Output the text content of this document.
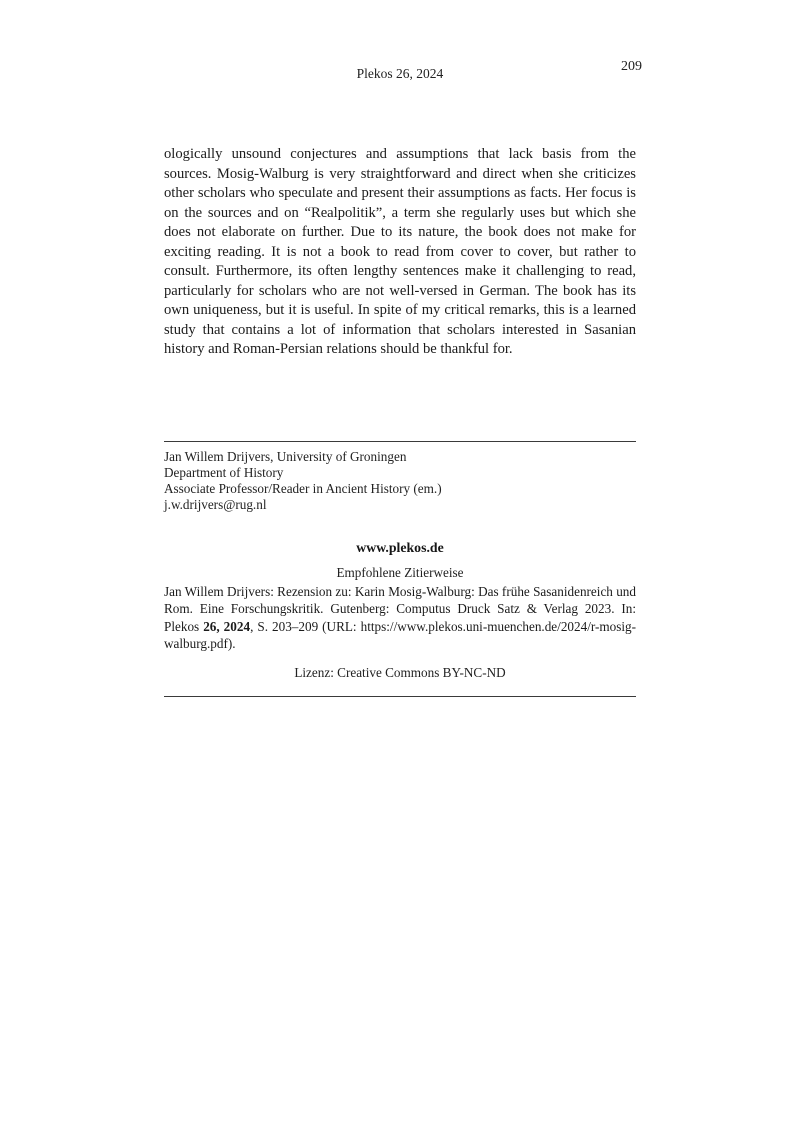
Plekos 26, 2024	209

ologically unsound conjectures and assumptions that lack basis from the sources. Mosig-Walburg is very straightforward and direct when she criticizes other scholars who speculate and present their assumptions as facts. Her focus is on the sources and on “Realpolitik”, a term she regularly uses but which she does not elaborate on further. Due to its nature, the book does not make for exciting reading. It is not a book to read from cover to cover, but rather to consult. Furthermore, its often lengthy sentences make it challenging to read, particularly for scholars who are not well-versed in German. The book has its own uniqueness, but it is useful. In spite of my critical remarks, this is a learned study that contains a lot of information that scholars interested in Sasanian history and Roman-Persian relations should be thankful for.

Jan Willem Drijvers, University of Groningen
Department of History
Associate Professor/Reader in Ancient History (em.)
j.w.drijvers@rug.nl
www.plekos.de
Empfohlene Zitierweise

Jan Willem Drijvers: Rezension zu: Karin Mosig-Walburg: Das frühe Sasanidenreich und Rom. Eine Forschungskritik. Gutenberg: Computus Druck Satz & Verlag 2023. In: Plekos 26, 2024, S. 203–209 (URL: https://www.plekos.uni-muenchen.de/2024/r-mosig-walburg.pdf).

Lizenz: Creative Commons BY-NC-ND
